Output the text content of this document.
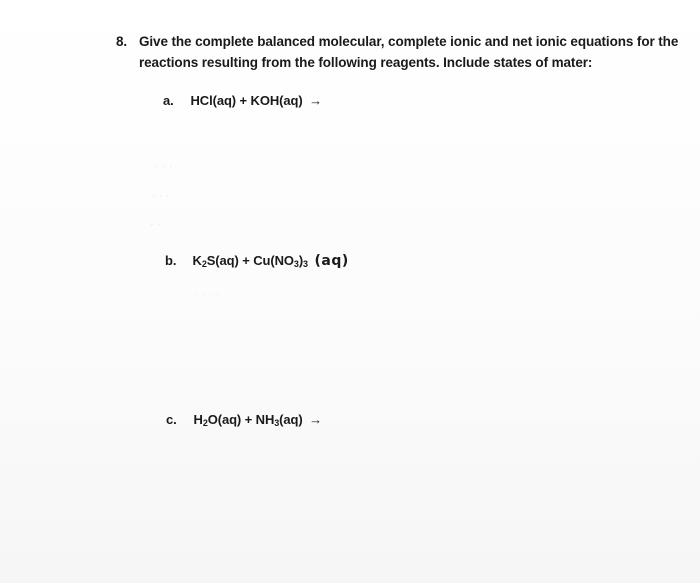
· · ·
· · ·
· ·
· · · ·
8. Give the complete balanced molecular, complete ionic and net ionic equations for the
reactions resulting from the following reagents. Include states of mater:
a. HCl(aq) + KOH(aq) →
b. $K_2S(aq) + Cu(NO_3)_3$ (aq)
c. $H_2O(aq) + NH_3(aq)$ →
